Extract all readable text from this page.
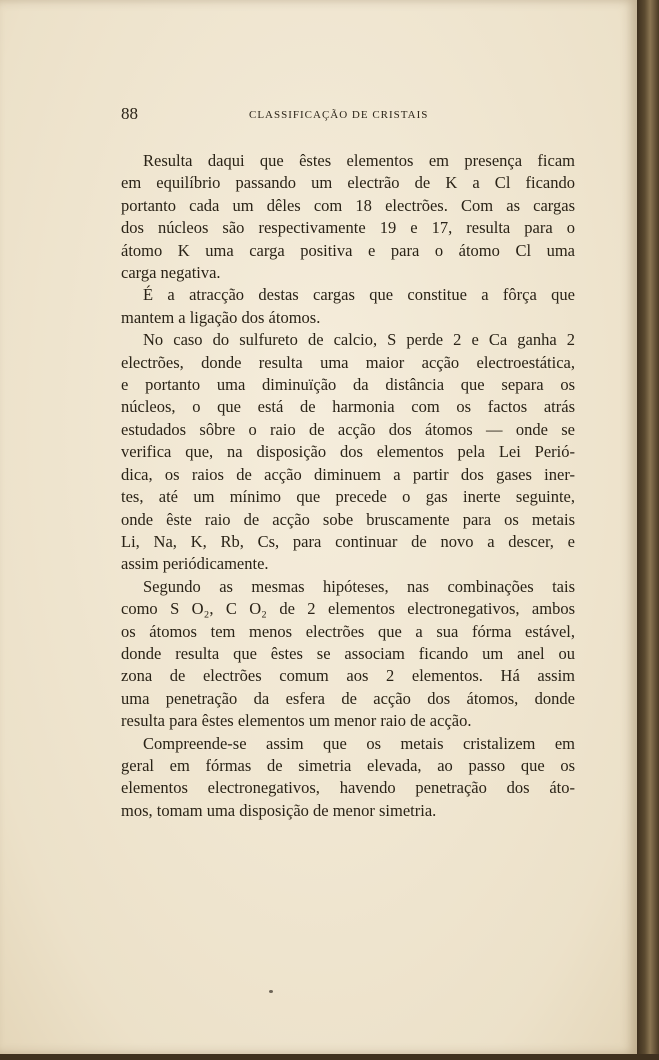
88	CLASSIFICAÇÃO DE CRISTAIS

Resulta daqui que êstes elementos em presença ficam
em equilíbrio passando um electrão de K a Cl ficando
portanto cada um dêles com 18 electrões. Com as cargas
dos núcleos são respectivamente 19 e 17, resulta para o
átomo K uma carga positiva e para o átomo Cl uma
carga negativa.

É a atracção destas cargas que constitue a fôrça que
mantem a ligação dos átomos.

No caso do sulfureto de calcio, S perde 2 e Ca ganha 2
electrões, donde resulta uma maior acção electroestática,
e portanto uma diminuïção da distância que separa os
núcleos, o que está de harmonia com os factos atrás
estudados sôbre o raio de acção dos átomos — onde se
verifica que, na disposição dos elementos pela Lei Perió-
dica, os raios de acção diminuem a partir dos gases iner-
tes, até um mínimo que precede o gas inerte seguinte,
onde êste raio de acção sobe bruscamente para os metais
Li, Na, K, Rb, Cs, para continuar de novo a descer, e
assim periódicamente.

Segundo as mesmas hipóteses, nas combinações tais
como S O₂, C O₂ de 2 elementos electronegativos, ambos
os átomos tem menos electrões que a sua fórma estável,
donde resulta que êstes se associam ficando um anel ou
zona de electrões comum aos 2 elementos. Há assim
uma penetração da esfera de acção dos átomos, donde
resulta para êstes elementos um menor raio de acção.

Compreende-se assim que os metais cristalizem em
geral em fórmas de simetria elevada, ao passo que os
elementos electronegativos, havendo penetração dos áto-
mos, tomam uma disposição de menor simetria.
